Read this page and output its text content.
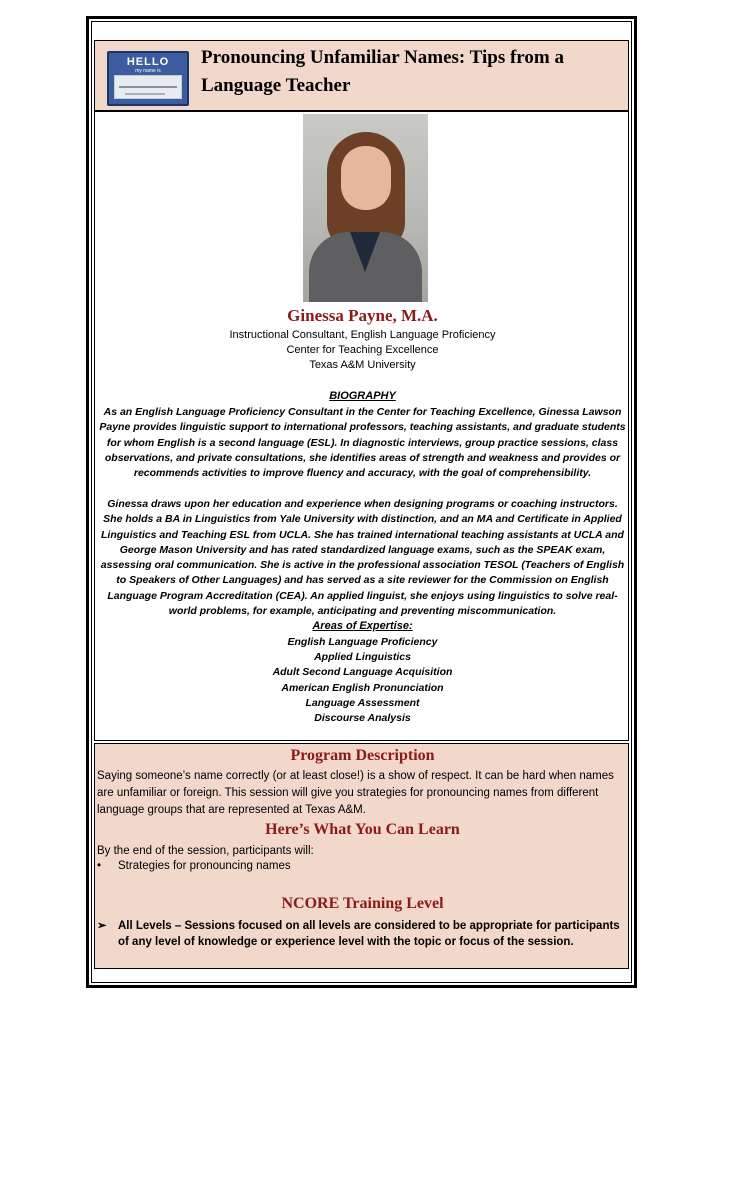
HELLO
my name is
Pronouncing Unfamiliar Names: Tips from a Language Teacher
Ginessa Payne, M.A.
Instructional Consultant, English Language Proficiency
Center for Teaching Excellence
Texas A&M University
BIOGRAPHY

As an English Language Proficiency Consultant in the Center for Teaching Excellence, Ginessa Lawson Payne provides linguistic support to international professors, teaching assistants, and graduate students for whom English is a second language (ESL). In diagnostic interviews, group practice sessions, class observations, and private consultations, she identifies areas of strength and weakness and provides or recommends activities to improve fluency and accuracy, with the goal of comprehensibility.

Ginessa draws upon her education and experience when designing programs or coaching instructors. She holds a BA in Linguistics from Yale University with distinction, and an MA and Certificate in Applied Linguistics and Teaching ESL from UCLA. She has trained international teaching assistants at UCLA and George Mason University and has rated standardized language exams, such as the SPEAK exam, assessing oral communication. She is active in the professional association TESOL (Teachers of English to Speakers of Other Languages) and has served as a site reviewer for the Commission on English Language Program Accreditation (CEA). An applied linguist, she enjoys using linguistics to solve real-world problems, for example, anticipating and preventing miscommunication.

Areas of Expertise:
English Language Proficiency
Applied Linguistics
Adult Second Language Acquisition
American English Pronunciation
Language Assessment
Discourse Analysis
Program Description

Saying someone’s name correctly (or at least close!) is a show of respect. It can be hard when names are unfamiliar or foreign. This session will give you strategies for pronouncing names from different language groups that are represented at Texas A&M.

Here’s What You Can Learn
By the end of the session, participants will:
• Strategies for pronouncing names
NCORE Training Level
➢ All Levels – Sessions focused on all levels are considered to be appropriate for participants of any level of knowledge or experience level with the topic or focus of the session.
